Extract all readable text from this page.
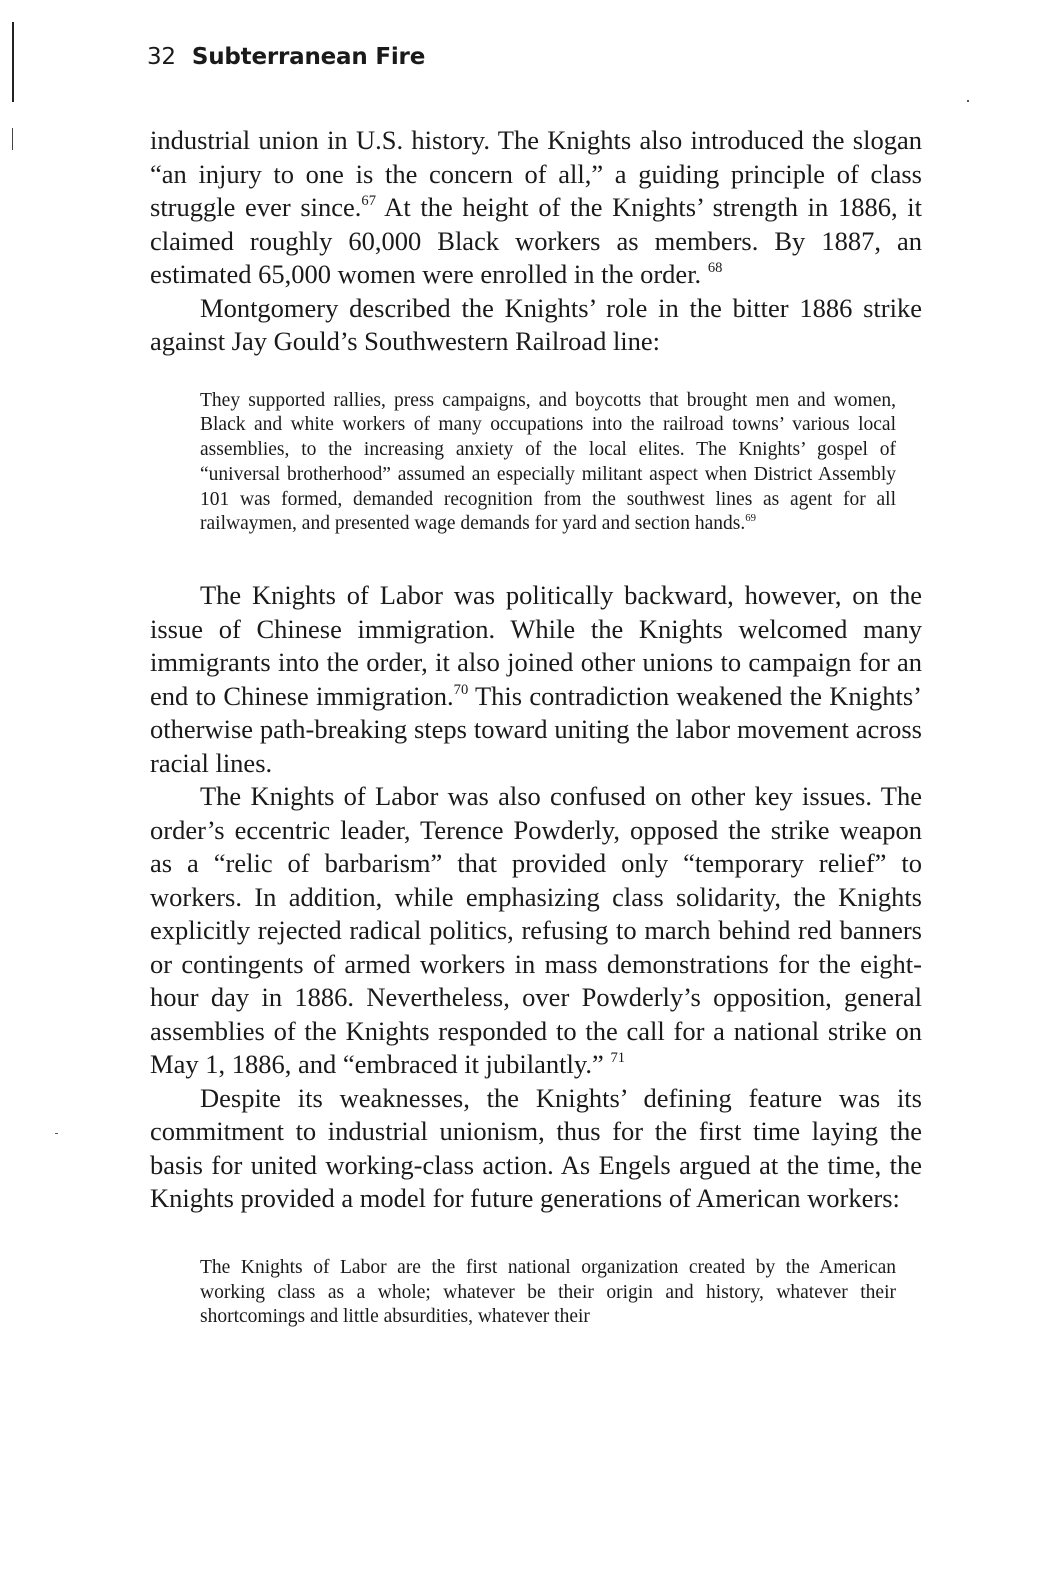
32 Subterranean Fire

industrial union in U.S. history. The Knights also introduced the slogan “an injury to one is the concern of all,” a guiding principle of class struggle ever since.$^{67}$ At the height of the Knights’ strength in 1886, it claimed roughly 60,000 Black workers as members. By 1887, an estimated 65,000 women were enrolled in the order. $^{68}$

Montgomery described the Knights’ role in the bitter 1886 strike against Jay Gould’s Southwestern Railroad line:

They supported rallies, press campaigns, and boycotts that brought men and women, Black and white workers of many occupations into the railroad towns’ various local assemblies, to the increasing anxiety of the local elites. The Knights’ gospel of “universal brotherhood” assumed an especially militant aspect when District Assembly 101 was formed, demanded recognition from the southwest lines as agent for all railwaymen, and presented wage demands for yard and section hands.$^{69}$

The Knights of Labor was politically backward, however, on the issue of Chinese immigration. While the Knights welcomed many immigrants into the order, it also joined other unions to campaign for an end to Chinese immigration.$^{70}$ This contradiction weakened the Knights’ otherwise path-breaking steps toward uniting the labor movement across racial lines.

The Knights of Labor was also confused on other key issues. The order’s eccentric leader, Terence Powderly, opposed the strike weapon as a “relic of barbarism” that provided only “temporary relief” to workers. In addition, while emphasizing class solidarity, the Knights explicitly rejected radical politics, refusing to march behind red banners or contingents of armed workers in mass demonstrations for the eight-hour day in 1886. Nevertheless, over Powderly’s opposition, general assemblies of the Knights responded to the call for a national strike on May 1, 1886, and “embraced it jubilantly.” $^{71}$

Despite its weaknesses, the Knights’ defining feature was its commitment to industrial unionism, thus for the first time laying the basis for united working-class action. As Engels argued at the time, the Knights provided a model for future generations of American workers:

The Knights of Labor are the first national organization created by the American working class as a whole; whatever be their origin and history, whatever their shortcomings and little absurdities, whatever their
